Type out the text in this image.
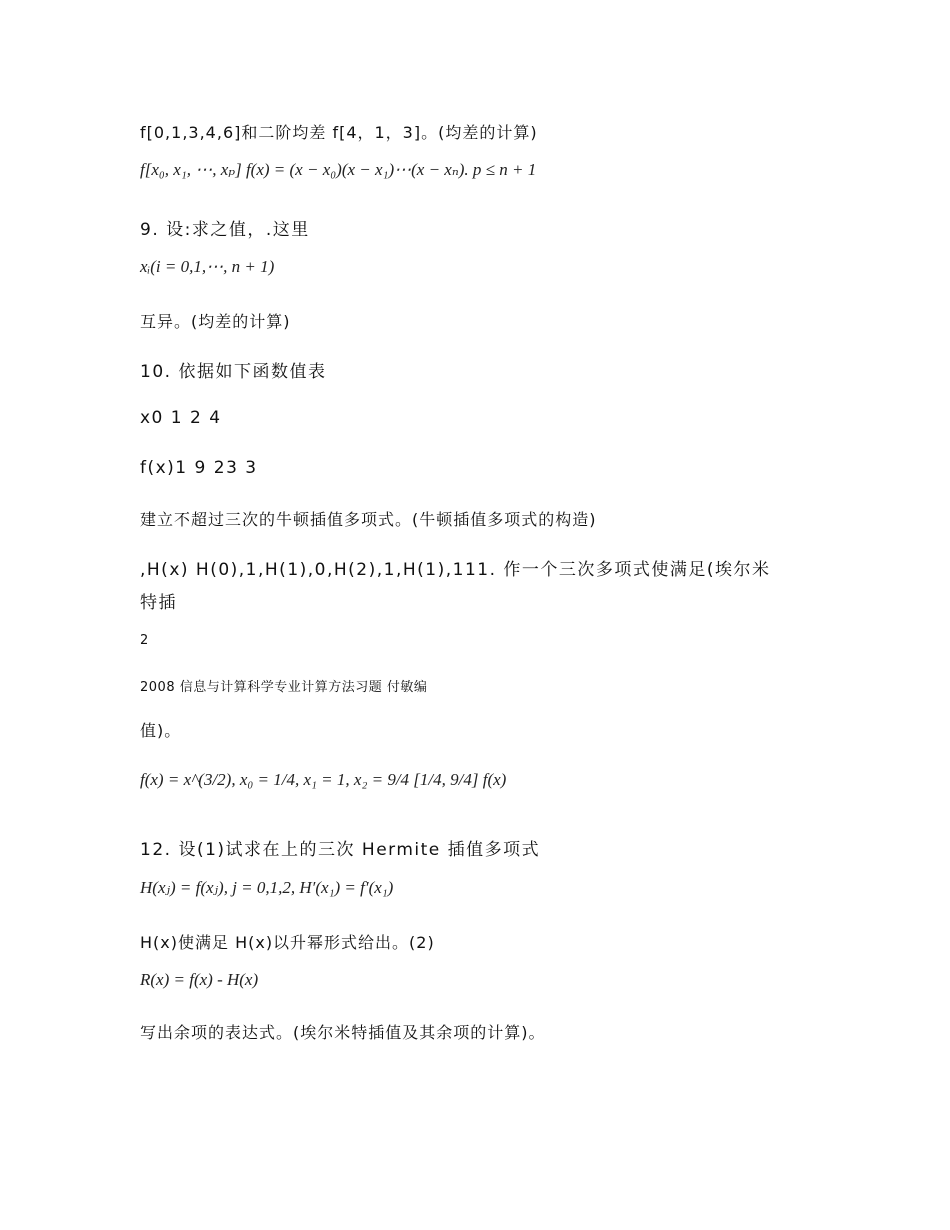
f[0,1,3,4,6]和二阶均差 f[4，1，3]。(均差的计算)
f[x₀, x₁, ⋯, xₚ] f(x) = (x − x₀)(x − x₁)⋯(x − xₙ). p ≤ n + 1
9. 设:求之值，.这里
xᵢ(i = 0,1,⋯, n + 1)
互异。(均差的计算)
10. 依据如下函数值表
x0 1 2 4
f(x)1 9 23 3
建立不超过三次的牛顿插值多项式。(牛顿插值多项式的构造)
,H(x) H(0),1,H(1),0,H(2),1,H(1),111. 作一个三次多项式使满足(埃尔米
特插
2
2008 信息与计算科学专业计算方法习题 付敏编
值)。
f(x) = x^(3/2), x₀ = 1/4, x₁ = 1, x₂ = 9/4 [1/4, 9/4] f(x)
12. 设(1)试求在上的三次 Hermite 插值多项式
H(xⱼ) = f(xⱼ), j = 0,1,2, H′(x₁) = f′(x₁)
H(x)使满足 H(x)以升幂形式给出。(2)
R(x) = f(x) - H(x)
写出余项的表达式。(埃尔米特插值及其余项的计算)。
